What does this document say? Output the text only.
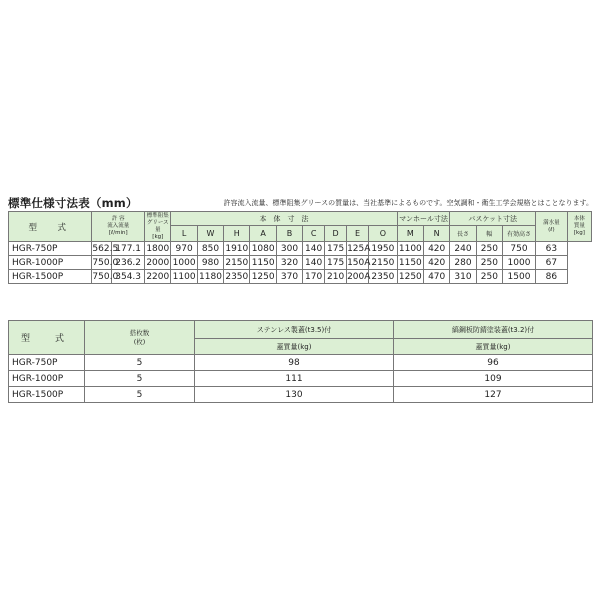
標準仕様寸法表（mm）	許容流入流量、標準阻集グリースの質量は、当社基準によるものです。空気調和・衛生工学会規格とはことなります。
型　式	許 容
流入流量
[ℓ/min]		標準阻集
グリース量
[kg]	本　体　寸　法									マンホール寸法		バスケット寸法			満水量
(ℓ)	本体
質量
[kg]
				L	W	H	A	B	C	D	E	O	M	N	長さ	幅	有効高さ		
HGR-750P	562.5	177.1	1800	970	850	1910	1080	300	140	175	125A	1950	1100	420	240	250	750	63	
HGR-1000P	750.0	236.2	2000	1000	980	2150	1150	320	140	175	150A	2150	1150	420	280	250	1000	67	
HGR-1500P	750.0	354.3	2200	1100	1180	2350	1250	370	170	210	200A	2350	1250	470	310	250	1500	86	
型　式	搭枚数
(枚)	ステンレス製蓋(t3.5)付	縞鋼板防錆塗装蓋(t3.2)付
		蓋質量(kg)	蓋質量(kg)
HGR-750P	5	98	96
HGR-1000P	5	111	109
HGR-1500P	5	130	127
